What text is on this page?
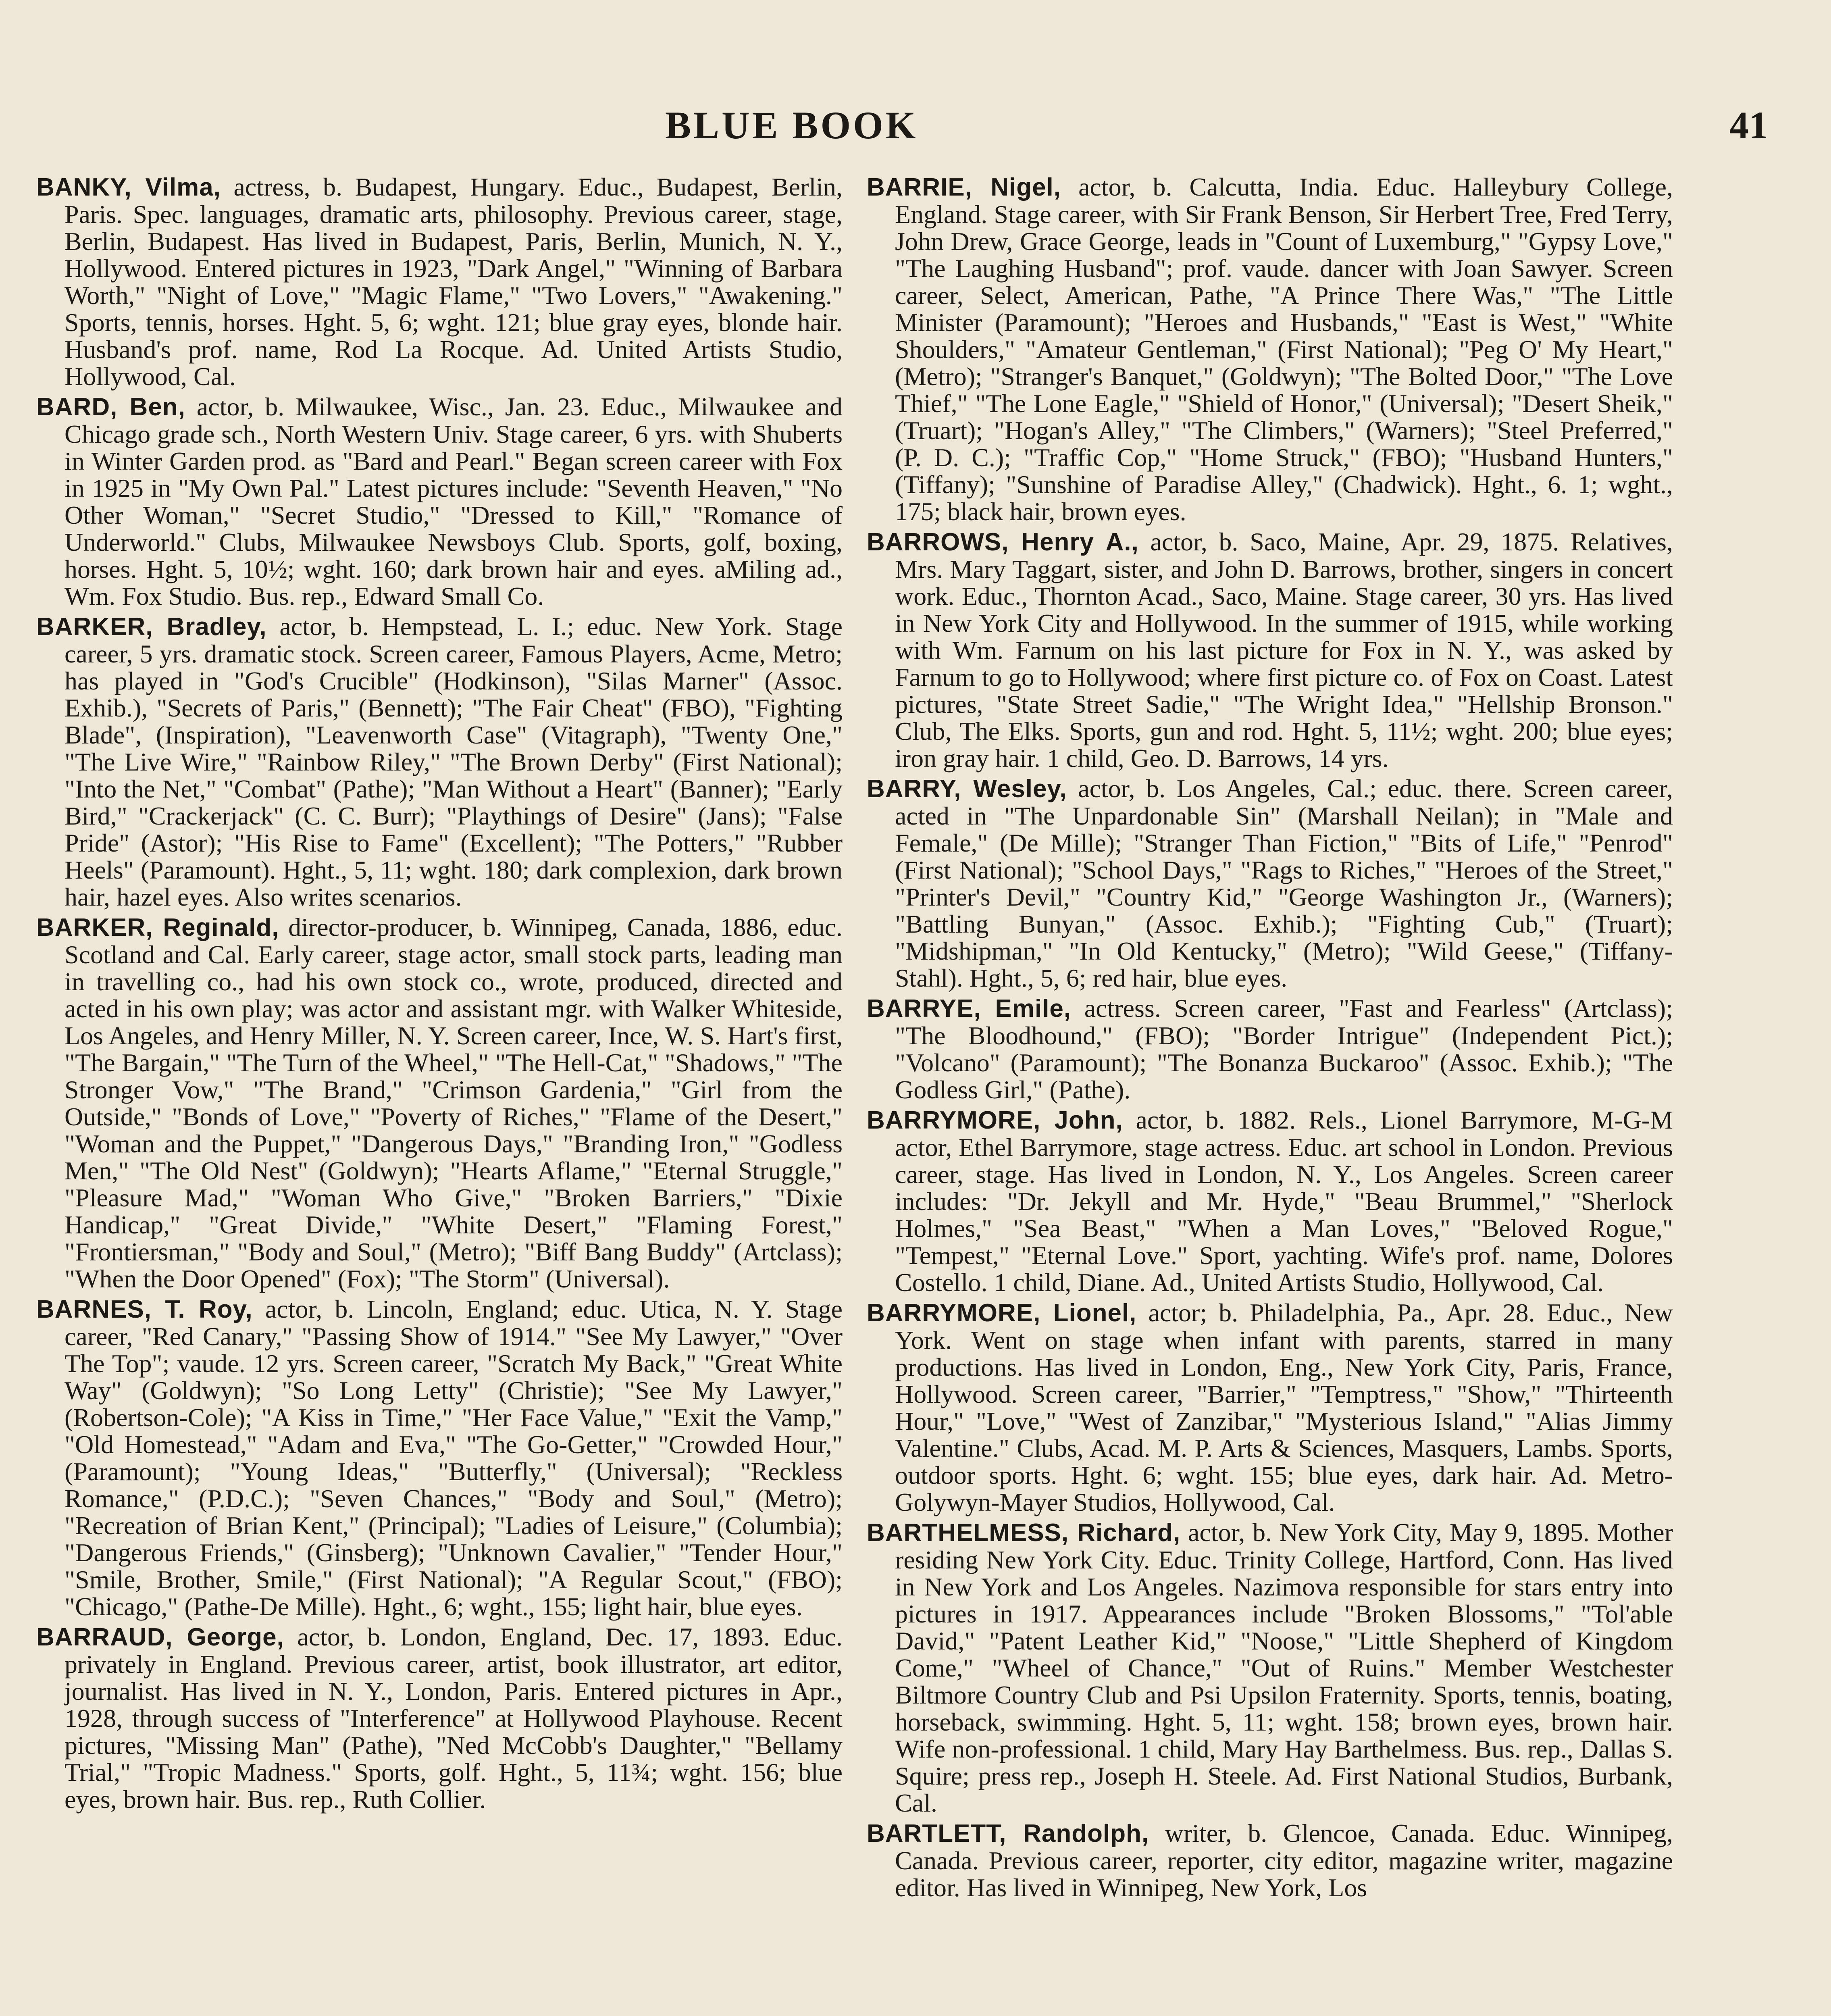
BLUE BOOK	41

BANKY, Vilma, actress, b. Budapest, Hungary. Educ., Budapest, Berlin, Paris. Spec. languages, dramatic arts, philosophy. Previous career, stage, Berlin, Budapest. Has lived in Budapest, Paris, Berlin, Munich, N. Y., Hollywood. Entered pictures in 1923, "Dark Angel," "Winning of Barbara Worth," "Night of Love," "Magic Flame," "Two Lovers," "Awakening." Sports, tennis, horses. Hght. 5, 6; wght. 121; blue gray eyes, blonde hair. Husband's prof. name, Rod La Rocque. Ad. United Artists Studio, Hollywood, Cal.

BARD, Ben, actor, b. Milwaukee, Wisc., Jan. 23. Educ., Milwaukee and Chicago grade sch., North Western Univ. Stage career, 6 yrs. with Shuberts in Winter Garden prod. as "Bard and Pearl." Began screen career with Fox in 1925 in "My Own Pal." Latest pictures include: "Seventh Heaven," "No Other Woman," "Secret Studio," "Dressed to Kill," "Romance of Underworld." Clubs, Milwaukee Newsboys Club. Sports, golf, boxing, horses. Hght. 5, 10½; wght. 160; dark brown hair and eyes. aMiling ad., Wm. Fox Studio. Bus. rep., Edward Small Co.

BARKER, Bradley, actor, b. Hempstead, L. I.; educ. New York. Stage career, 5 yrs. dramatic stock. Screen career, Famous Players, Acme, Metro; has played in "God's Crucible" (Hodkinson), "Silas Marner" (Assoc. Exhib.), "Secrets of Paris," (Bennett); "The Fair Cheat" (FBO), "Fighting Blade", (Inspiration), "Leavenworth Case" (Vitagraph), "Twenty One," "The Live Wire," "Rainbow Riley," "The Brown Derby" (First National); "Into the Net," "Combat" (Pathe); "Man Without a Heart" (Banner); "Early Bird," "Crackerjack" (C. C. Burr); "Playthings of Desire" (Jans); "False Pride" (Astor); "His Rise to Fame" (Excellent); "The Potters," "Rubber Heels" (Paramount). Hght., 5, 11; wght. 180; dark complexion, dark brown hair, hazel eyes. Also writes scenarios.

BARKER, Reginald, director-producer, b. Winnipeg, Canada, 1886, educ. Scotland and Cal. Early career, stage actor, small stock parts, leading man in travelling co., had his own stock co., wrote, produced, directed and acted in his own play; was actor and assistant mgr. with Walker Whiteside, Los Angeles, and Henry Miller, N. Y. Screen career, Ince, W. S. Hart's first, "The Bargain," "The Turn of the Wheel," "The Hell-Cat," "Shadows," "The Stronger Vow," "The Brand," "Crimson Gardenia," "Girl from the Outside," "Bonds of Love," "Poverty of Riches," "Flame of the Desert," "Woman and the Puppet," "Dangerous Days," "Branding Iron," "Godless Men," "The Old Nest" (Goldwyn); "Hearts Aflame," "Eternal Struggle," "Pleasure Mad," "Woman Who Give," "Broken Barriers," "Dixie Handicap," "Great Divide," "White Desert," "Flaming Forest," "Frontiersman," "Body and Soul," (Metro); "Biff Bang Buddy" (Artclass); "When the Door Opened" (Fox); "The Storm" (Universal).

BARNES, T. Roy, actor, b. Lincoln, England; educ. Utica, N. Y. Stage career, "Red Canary," "Passing Show of 1914." "See My Lawyer," "Over The Top"; vaude. 12 yrs. Screen career, "Scratch My Back," "Great White Way" (Goldwyn); "So Long Letty" (Christie); "See My Lawyer," (Robertson-Cole); "A Kiss in Time," "Her Face Value," "Exit the Vamp," "Old Homestead," "Adam and Eva," "The Go-Getter," "Crowded Hour," (Paramount); "Young Ideas," "Butterfly," (Universal); "Reckless Romance," (P.D.C.); "Seven Chances," "Body and Soul," (Metro); "Recreation of Brian Kent," (Principal); "Ladies of Leisure," (Columbia); "Dangerous Friends," (Ginsberg); "Unknown Cavalier," "Tender Hour," "Smile, Brother, Smile," (First National); "A Regular Scout," (FBO); "Chicago," (Pathe-De Mille). Hght., 6; wght., 155; light hair, blue eyes.

BARRAUD, George, actor, b. London, England, Dec. 17, 1893. Educ. privately in England. Previous career, artist, book illustrator, art editor, journalist. Has lived in N. Y., London, Paris. Entered pictures in Apr., 1928, through success of "Interference" at Hollywood Playhouse. Recent pictures, "Missing Man" (Pathe), "Ned McCobb's Daughter," "Bellamy Trial," "Tropic Madness." Sports, golf. Hght., 5, 11¾; wght. 156; blue eyes, brown hair. Bus. rep., Ruth Collier.

BARRIE, Nigel, actor, b. Calcutta, India. Educ. Halleybury College, England. Stage career, with Sir Frank Benson, Sir Herbert Tree, Fred Terry, John Drew, Grace George, leads in "Count of Luxemburg," "Gypsy Love," "The Laughing Husband"; prof. vaude. dancer with Joan Sawyer. Screen career, Select, American, Pathe, "A Prince There Was," "The Little Minister (Paramount); "Heroes and Husbands," "East is West," "White Shoulders," "Amateur Gentleman," (First National); "Peg O' My Heart," (Metro); "Stranger's Banquet," (Goldwyn); "The Bolted Door," "The Love Thief," "The Lone Eagle," "Shield of Honor," (Universal); "Desert Sheik," (Truart); "Hogan's Alley," "The Climbers," (Warners); "Steel Preferred," (P. D. C.); "Traffic Cop," "Home Struck," (FBO); "Husband Hunters," (Tiffany); "Sunshine of Paradise Alley," (Chadwick). Hght., 6. 1; wght., 175; black hair, brown eyes.

BARROWS, Henry A., actor, b. Saco, Maine, Apr. 29, 1875. Relatives, Mrs. Mary Taggart, sister, and John D. Barrows, brother, singers in concert work. Educ., Thornton Acad., Saco, Maine. Stage career, 30 yrs. Has lived in New York City and Hollywood. In the summer of 1915, while working with Wm. Farnum on his last picture for Fox in N. Y., was asked by Farnum to go to Hollywood; where first picture co. of Fox on Coast. Latest pictures, "State Street Sadie," "The Wright Idea," "Hellship Bronson." Club, The Elks. Sports, gun and rod. Hght. 5, 11½; wght. 200; blue eyes; iron gray hair. 1 child, Geo. D. Barrows, 14 yrs.

BARRY, Wesley, actor, b. Los Angeles, Cal.; educ. there. Screen career, acted in "The Unpardonable Sin" (Marshall Neilan); in "Male and Female," (De Mille); "Stranger Than Fiction," "Bits of Life," "Penrod" (First National); "School Days," "Rags to Riches," "Heroes of the Street," "Printer's Devil," "Country Kid," "George Washington Jr., (Warners); "Battling Bunyan," (Assoc. Exhib.); "Fighting Cub," (Truart); "Midshipman," "In Old Kentucky," (Metro); "Wild Geese," (Tiffany-Stahl). Hght., 5, 6; red hair, blue eyes.

BARRYE, Emile, actress. Screen career, "Fast and Fearless" (Artclass); "The Bloodhound," (FBO); "Border Intrigue" (Independent Pict.); "Volcano" (Paramount); "The Bonanza Buckaroo" (Assoc. Exhib.); "The Godless Girl," (Pathe).

BARRYMORE, John, actor, b. 1882. Rels., Lionel Barrymore, M-G-M actor, Ethel Barrymore, stage actress. Educ. art school in London. Previous career, stage. Has lived in London, N. Y., Los Angeles. Screen career includes: "Dr. Jekyll and Mr. Hyde," "Beau Brummel," "Sherlock Holmes," "Sea Beast," "When a Man Loves," "Beloved Rogue," "Tempest," "Eternal Love." Sport, yachting. Wife's prof. name, Dolores Costello. 1 child, Diane. Ad., United Artists Studio, Hollywood, Cal.

BARRYMORE, Lionel, actor; b. Philadelphia, Pa., Apr. 28. Educ., New York. Went on stage when infant with parents, starred in many productions. Has lived in London, Eng., New York City, Paris, France, Hollywood. Screen career, "Barrier," "Temptress," "Show," "Thirteenth Hour," "Love," "West of Zanzibar," "Mysterious Island," "Alias Jimmy Valentine." Clubs, Acad. M. P. Arts & Sciences, Masquers, Lambs. Sports, outdoor sports. Hght. 6; wght. 155; blue eyes, dark hair. Ad. Metro-Golywyn-Mayer Studios, Hollywood, Cal.

BARTHELMESS, Richard, actor, b. New York City, May 9, 1895. Mother residing New York City. Educ. Trinity College, Hartford, Conn. Has lived in New York and Los Angeles. Nazimova responsible for stars entry into pictures in 1917. Appearances include "Broken Blossoms," "Tol'able David," "Patent Leather Kid," "Noose," "Little Shepherd of Kingdom Come," "Wheel of Chance," "Out of Ruins." Member Westchester Biltmore Country Club and Psi Upsilon Fraternity. Sports, tennis, boating, horseback, swimming. Hght. 5, 11; wght. 158; brown eyes, brown hair. Wife non-professional. 1 child, Mary Hay Barthelmess. Bus. rep., Dallas S. Squire; press rep., Joseph H. Steele. Ad. First National Studios, Burbank, Cal.

BARTLETT, Randolph, writer, b. Glencoe, Canada. Educ. Winnipeg, Canada. Previous career, reporter, city editor, magazine writer, magazine editor. Has lived in Winnipeg, New York, Los
